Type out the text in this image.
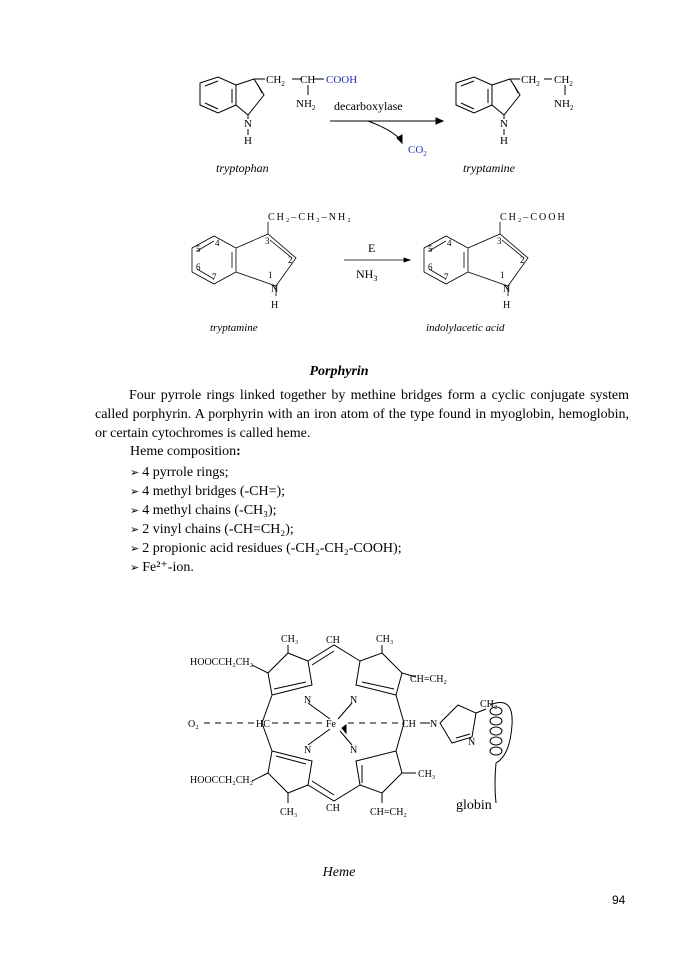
$CH_2$ CH COOH
$NH_2$
N
H
decarboxylase
$CO_2$
$CH_2$ $CH_2$
$NH_2$
N
H
tryptophan	tryptamine
CH₂–CH₂–NH₂
4
5
6
7
3
2
1
N
H
E
$NH_3$
CH₂–COOH
4
5
6
7
3
2
1
N
H
tryptamine	indolylacetic acid
Porphyrin

Four pyrrole rings linked together by methine bridges form a cyclic conjugate system called porphyrin. A porphyrin with an iron atom of the type found in myoglobin, hemoglobin, or certain cytochromes is called heme.

Heme composition:
➢ 4 pyrrole rings;
➢ 4 methyl bridges (-CH=);
➢ 4 methyl chains (-CH₃);
➢ 2 vinyl chains (-CH=CH₂);
➢ 2 propionic acid residues (-CH₂-CH₂-COOH);
➢ Fe²⁺-ion.
CH₃	CH	CH₃
HOOCCH₂CH₂
CH=CH₂
O₂	HC	Fe	CH
N	N
N	N
N
N
CH₂
HOOCCH₂CH₂
CH₃
CH₃	CH	CH=CH₂	globin
Heme
94
